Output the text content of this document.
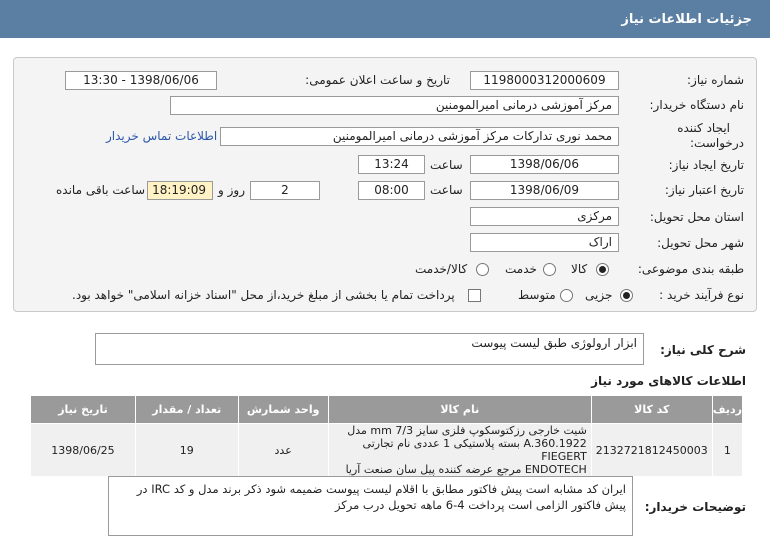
جزئیات اطلاعات نیاز
شماره نیاز:
1198000312000609
تاریخ و ساعت اعلان عمومی:
1398/06/06 - 13:30
نام دستگاه خریدار:
مرکز آموزشی درمانی امیرالمومنین
ایجاد کننده
درخواست:
محمد نوری تدارکات مرکز آموزشی درمانی امیرالمومنین
اطلاعات تماس خریدار
تاریخ ایجاد نیاز:
1398/06/06
ساعت
13:24
تاریخ اعتبار نیاز:
1398/06/09
ساعت
08:00
2
روز و
18:19:09
ساعت باقی مانده
استان محل تحویل:
مرکزی
شهر محل تحویل:
اراک
طبقه بندی موضوعی:
کالا
خدمت
کالا/خدمت
نوع فرآیند خرید :
جزیی
متوسط
پرداخت تمام یا بخشی از مبلغ خرید،از محل "اسناد خزانه اسلامی" خواهد بود.
شرح کلی نیاز:
ابزار ارولوژی طبق لیست پیوست
اطلاعات کالاهای مورد نیاز
ردیف	کد کالا	نام کالا	واحد شمارش	تعداد / مقدار	تاریخ نیاز
1	2132721812450003	شیت خارجی رزکتوسکوپ فلزی سایز 7/3 mm مدل
A.360.1922 بسته پلاستیکی 1 عددی نام تجارتی FIEGERT
ENDOTECH مرجع عرضه کننده پیل سان صنعت آریا	عدد	19	1398/06/25
توضیحات خریدار:
ایران کد مشابه است پیش فاکتور مطابق با اقلام لیست پیوست ضمیمه شود ذکر برند مدل و کد IRC در
پیش فاکتور الزامی است پرداخت 4-6 ماهه تحویل درب مرکز
